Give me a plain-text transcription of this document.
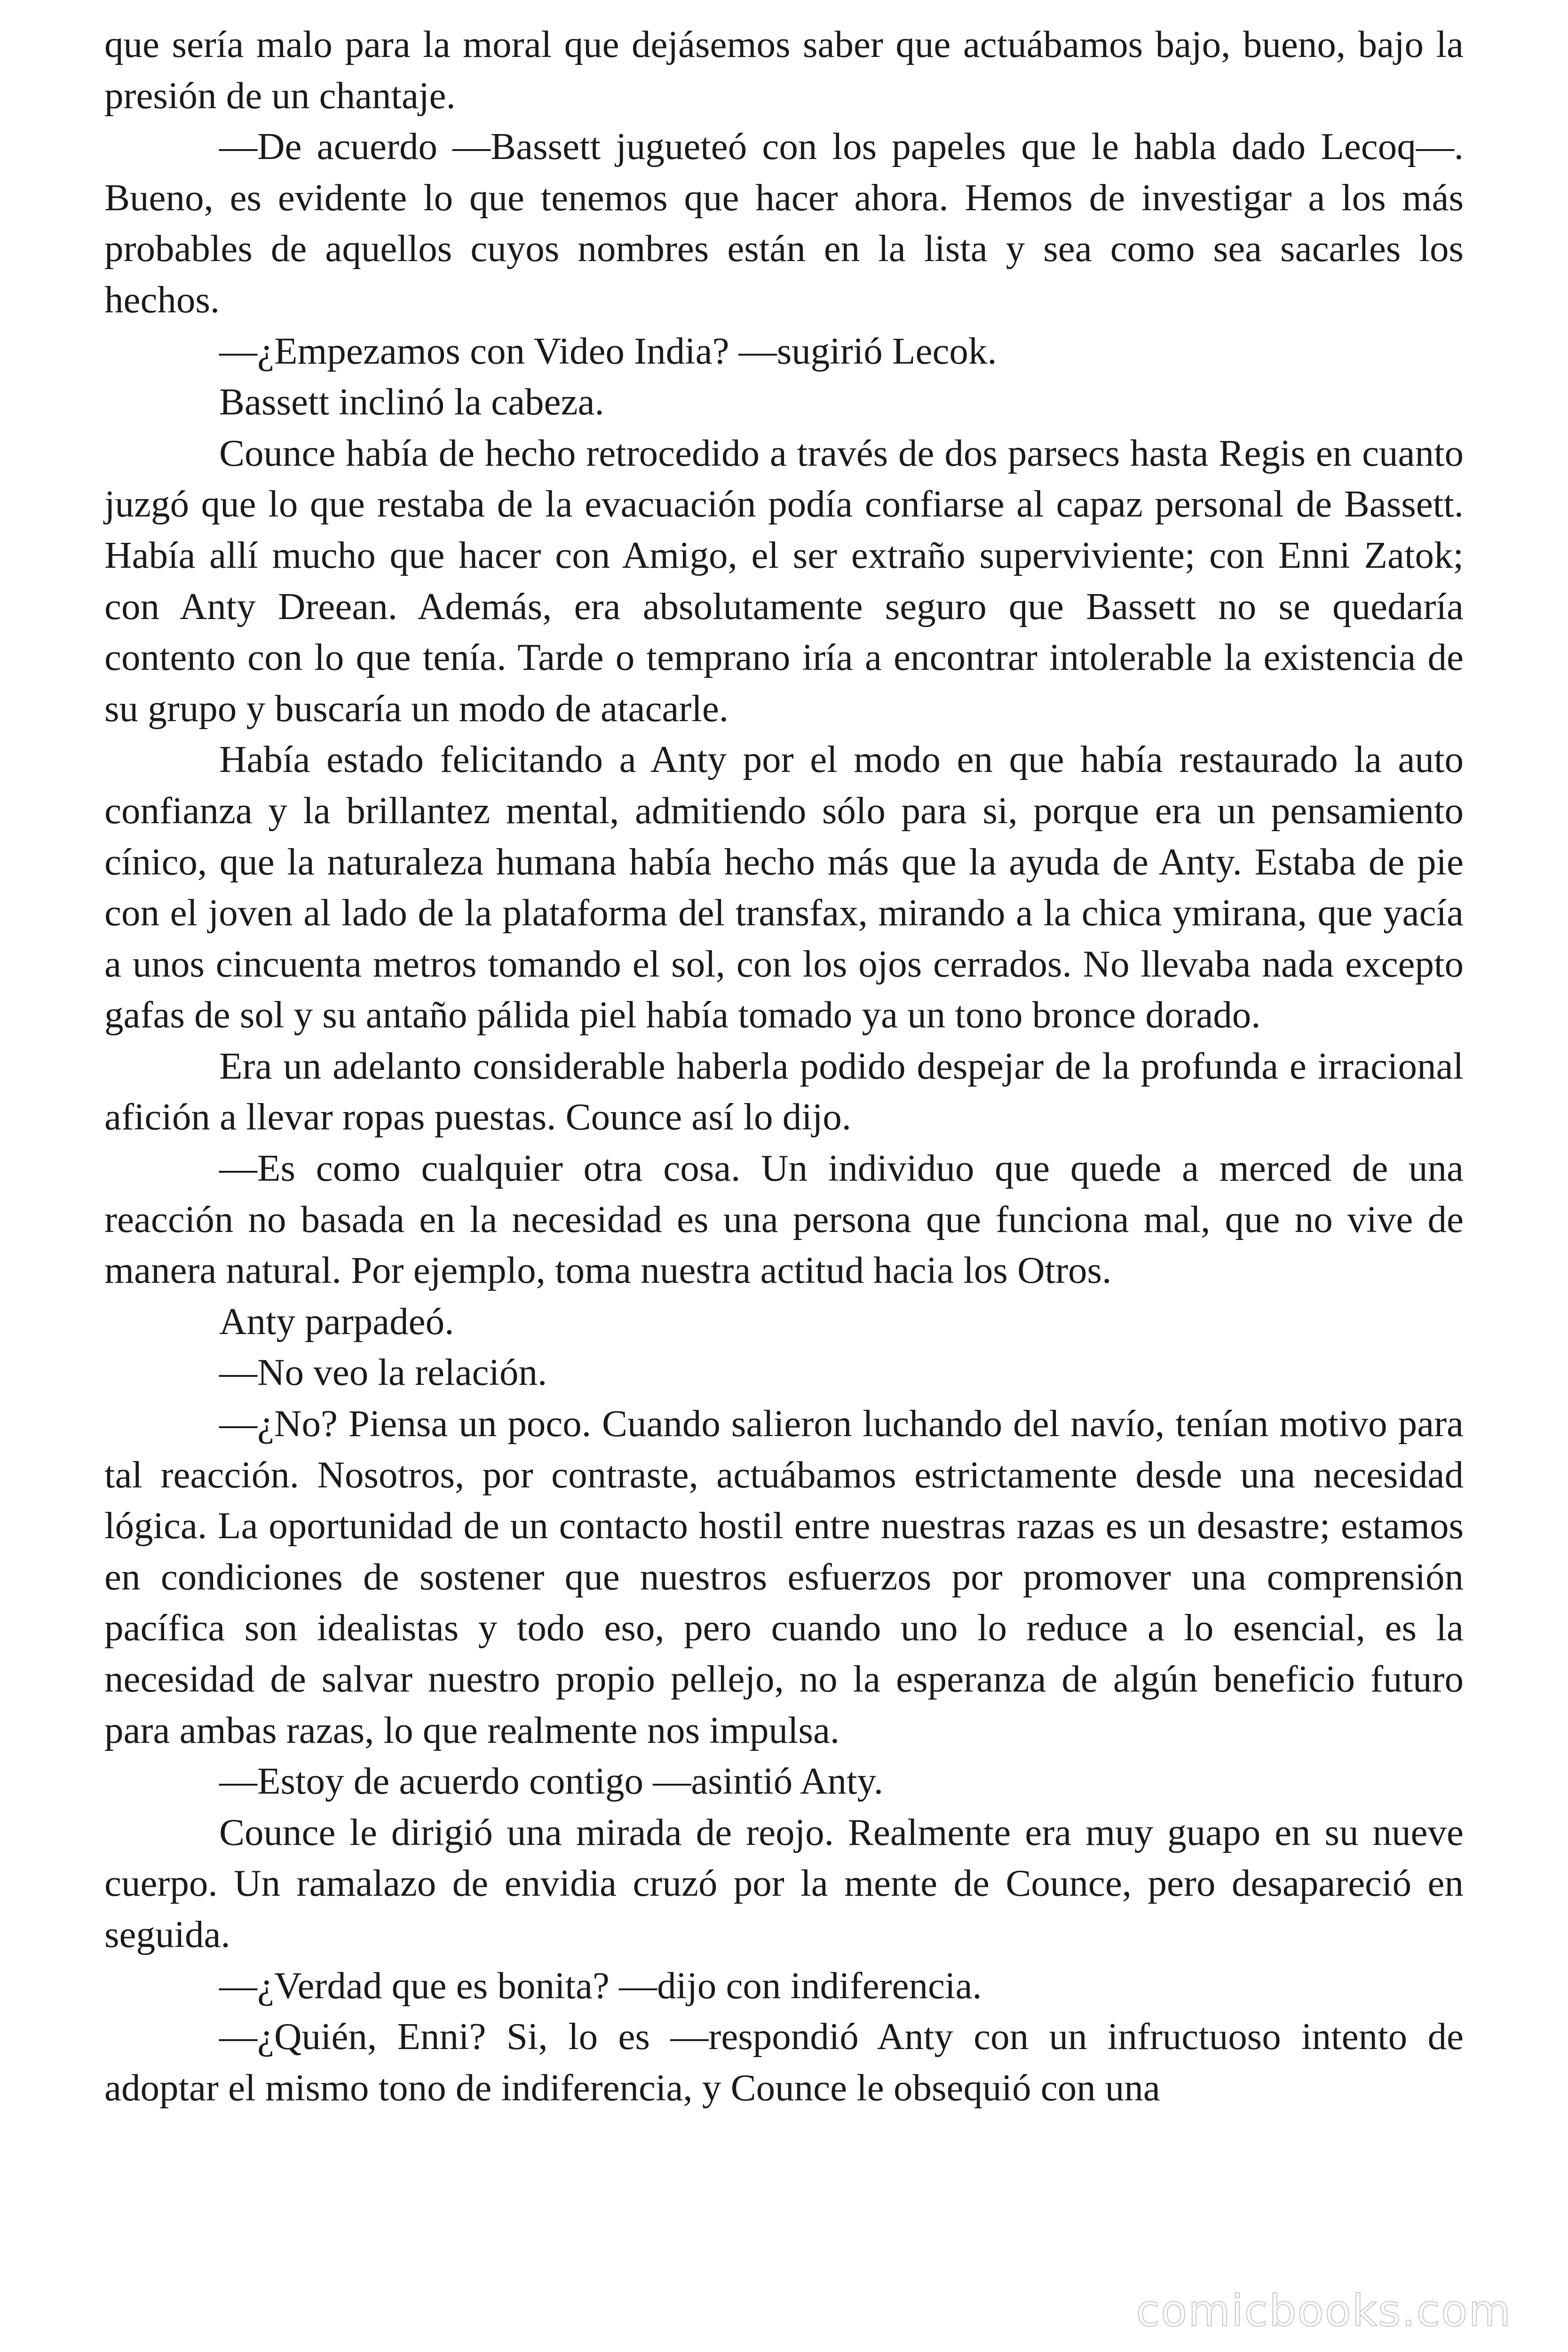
que sería malo para la moral que dejásemos saber que actuábamos bajo, bueno, bajo la presión de un chantaje.

—De acuerdo —Bassett jugueteó con los papeles que le habla dado Lecoq—. Bueno, es evidente lo que tenemos que hacer ahora. Hemos de investigar a los más probables de aquellos cuyos nombres están en la lista y sea como sea sacarles los hechos.

—¿Empezamos con Video India? —sugirió Lecok.

Bassett inclinó la cabeza.

Counce había de hecho retrocedido a través de dos parsecs hasta Regis en cuanto juzgó que lo que restaba de la evacuación podía confiarse al capaz personal de Bassett. Había allí mucho que hacer con Amigo, el ser extraño superviviente; con Enni Zatok; con Anty Dreean. Además, era absolutamente seguro que Bassett no se quedaría contento con lo que tenía. Tarde o temprano iría a encontrar intolerable la existencia de su grupo y buscaría un modo de atacarle.

Había estado felicitando a Anty por el modo en que había restaurado la auto confianza y la brillantez mental, admitiendo sólo para si, porque era un pensamiento cínico, que la naturaleza humana había hecho más que la ayuda de Anty. Estaba de pie con el joven al lado de la plataforma del transfax, mirando a la chica ymirana, que yacía a unos cincuenta metros tomando el sol, con los ojos cerrados. No llevaba nada excepto gafas de sol y su antaño pálida piel había tomado ya un tono bronce dorado.

Era un adelanto considerable haberla podido despejar de la profunda e irracional afición a llevar ropas puestas. Counce así lo dijo.

—Es como cualquier otra cosa. Un individuo que quede a merced de una reacción no basada en la necesidad es una persona que funciona mal, que no vive de manera natural. Por ejemplo, toma nuestra actitud hacia los Otros.

Anty parpadeó.

—No veo la relación.

—¿No? Piensa un poco. Cuando salieron luchando del navío, tenían motivo para tal reacción. Nosotros, por contraste, actuábamos estrictamente desde una necesidad lógica. La oportunidad de un contacto hostil entre nuestras razas es un desastre; estamos en condiciones de sostener que nuestros esfuerzos por promover una comprensión pacífica son idealistas y todo eso, pero cuando uno lo reduce a lo esencial, es la necesidad de salvar nuestro propio pellejo, no la esperanza de algún beneficio futuro para ambas razas, lo que realmente nos impulsa.

—Estoy de acuerdo contigo —asintió Anty.

Counce le dirigió una mirada de reojo. Realmente era muy guapo en su nueve cuerpo. Un ramalazo de envidia cruzó por la mente de Counce, pero desapareció en seguida.

—¿Verdad que es bonita? —dijo con indiferencia.

—¿Quién, Enni? Si, lo es —respondió Anty con un infructuoso intento de adoptar el mismo tono de indiferencia, y Counce le obsequió con una

comicbooks.com
